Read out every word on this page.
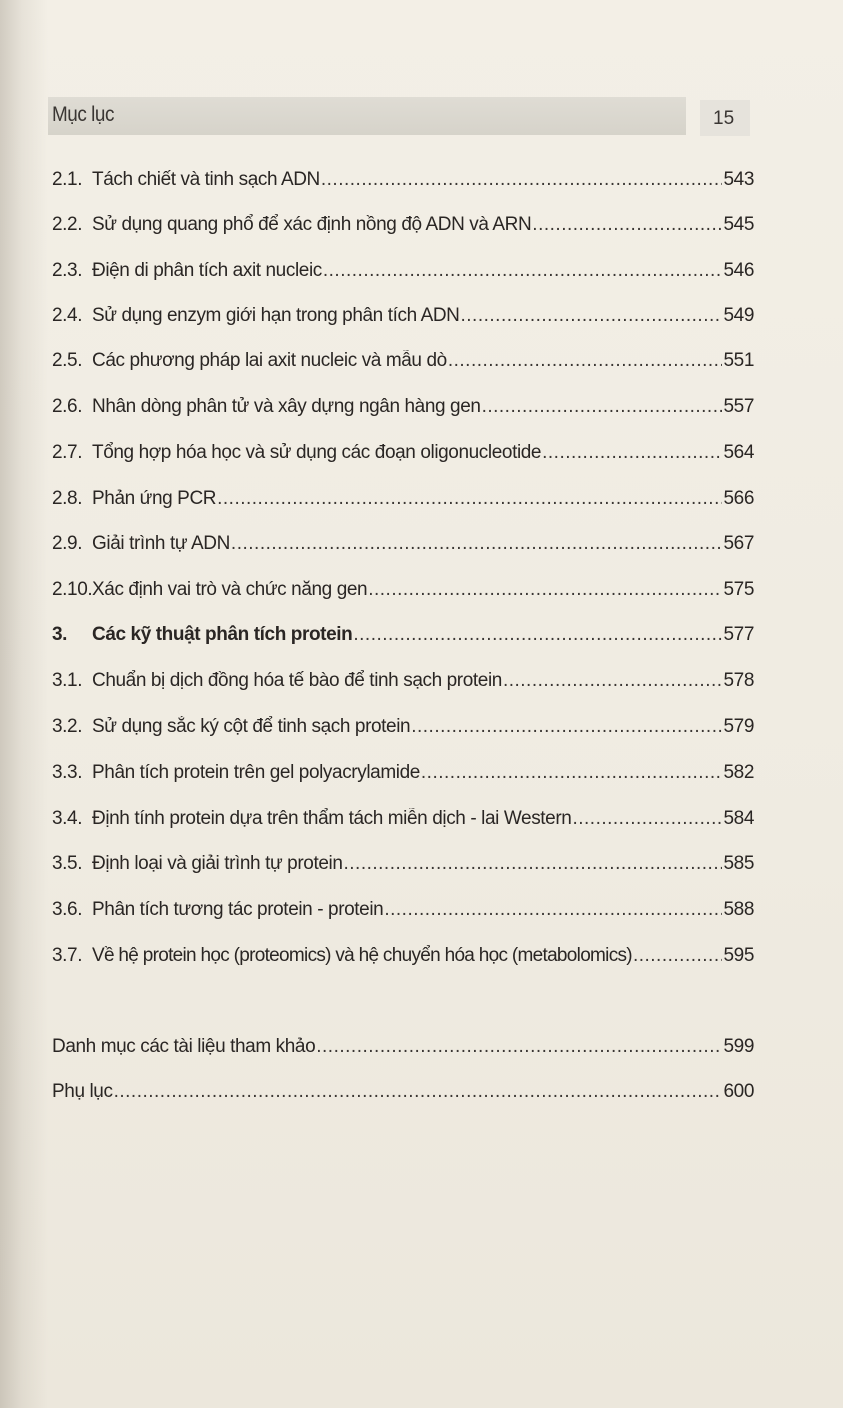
Mục lục	15
2.1. Tách chiết và tinh sạch ADN .....	543
2.2. Sử dụng quang phổ để xác định nồng độ ADN và ARN .....	545
2.3. Điện di phân tích axit nucleic .....	546
2.4. Sử dụng enzym giới hạn trong phân tích ADN .....	549
2.5. Các phương pháp lai axit nucleic và mẫu dò .....	551
2.6. Nhân dòng phân tử và xây dựng ngân hàng gen .....	557
2.7. Tổng hợp hóa học và sử dụng các đoạn oligonucleotide .....	564
2.8. Phản ứng PCR .....	566
2.9. Giải trình tự ADN .....	567
2.10. Xác định vai trò và chức năng gen .....	575
3.	Các kỹ thuật phân tích protein .....	577
3.1. Chuẩn bị dịch đồng hóa tế bào để tinh sạch protein .....	578
3.2. Sử dụng sắc ký cột để tinh sạch protein .....	579
3.3. Phân tích protein trên gel polyacrylamide .....	582
3.4. Định tính protein dựa trên thẩm tách miễn dịch - lai Western .....	584
3.5. Định loại và giải trình tự protein .....	585
3.6. Phân tích tương tác protein - protein .....	588
3.7. Về hệ protein học (proteomics) và hệ chuyển hóa học (metabolomics) .....	595
Danh mục các tài liệu tham khảo .....	599
Phụ lục .....	600
